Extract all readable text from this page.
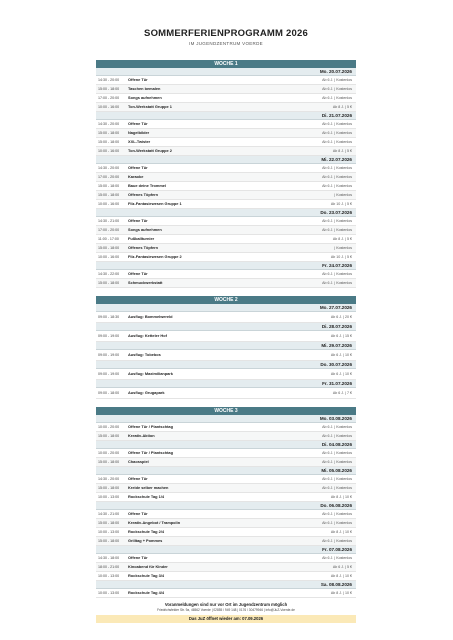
SOMMERFERIENPROGRAMM 2026
IM JUGENDZENTRUM VOERDE
WOCHE 1
Mo. 20.07.2026
14:30 - 20:00	Offene Tür	Ab 6 J. | Kostenlos
15:00 - 18:00	Taschen bemalen	Ab 6 J. | Kostenlos
17:00 - 20:00	Songs aufnehmen	Ab 6 J. | Kostenlos
10:00 - 16:00	Ton-Werkstatt Gruppe 1	Ab 8 J. | 5 €
Di. 21.07.2026
14:30 - 20:00	Offene Tür	Ab 6 J. | Kostenlos
15:00 - 18:00	Nagelbilder	Ab 6 J. | Kostenlos
15:00 - 18:00	XXL-Twister	Ab 6 J. | Kostenlos
10:00 - 16:00	Ton-Werkstatt Gruppe 2	Ab 8 J. | 5 €
Mi. 22.07.2026
14:30 - 20:00	Offene Tür	Ab 6 J. | Kostenlos
17:00 - 20:00	Karaoke	Ab 6 J. | Kostenlos
15:00 - 18:00	Baue deine Trommel	Ab 6 J. | Kostenlos
15:00 - 18:00	Offenes Töpfern	| Kostenlos
10:00 - 16:00	Filz-Fantasiewesen Gruppe 1	Ab 10 J. | 5 €
Do. 23.07.2026
14:30 - 21:00	Offene Tür	Ab 6 J. | Kostenlos
17:00 - 20:00	Songs aufnehmen	Ab 6 J. | Kostenlos
11:00 - 17:00	Fußballturnier	Ab 8 J. | 5 €
15:00 - 18:00	Offenes Töpfern	| Kostenlos
10:00 - 16:00	Filz-Fantasiewesen Gruppe 2	Ab 10 J. | 5 €
Fr. 24.07.2026
14:30 - 22:00	Offene Tür	Ab 6 J. | Kostenlos
15:00 - 18:00	Schmuckwerkstatt	Ab 6 J. | Kostenlos
WOCHE 2
Mo. 27.07.2026
09:00 - 18:30	Ausflug: Bommelwereld	Ab 6 J. | 20 €
Di. 28.07.2026
09:00 - 19:00	Ausflug: Ketteler Hof	Ab 6 J. | 15 €
Mi. 29.07.2026
09:00 - 19:00	Ausflug: Tobebos	Ab 6 J. | 10 €
Do. 30.07.2026
09:00 - 19:00	Ausflug: Maximilianpark	Ab 6 J. | 10 €
Fr. 31.07.2026
09:00 - 18:00	Ausflug: Grugapark	Ab 6 J. | 7 €
WOCHE 3
Mo. 03.08.2026
10:00 - 20:00	Offene Tür / Plantschtag	Ab 6 J. | Kostenlos
15:00 - 18:00	Kreativ-Aktion	Ab 6 J. | Kostenlos
Di. 04.08.2026
10:00 - 20:00	Offene Tür / Plantschtag	Ab 6 J. | Kostenlos
15:00 - 18:00	Chaosspiel	Ab 6 J. | Kostenlos
Mi. 05.08.2026
14:30 - 20:00	Offene Tür	Ab 6 J. | Kostenlos
15:00 - 18:00	Kreide selber machen	Ab 6 J. | Kostenlos
10:00 - 13:00	Rockschule Tag 1/4	Ab 8 J. | 10 €
Do. 06.08.2026
14:30 - 21:00	Offene Tür	Ab 6 J. | Kostenlos
15:00 - 18:00	Kreativ-Angebot / Trampolin	Ab 6 J. | Kostenlos
10:00 - 13:00	Rockschule Tag 2/4	Ab 8 J. | 10 €
15:00 - 18:00	Grilltag + Pommes	Ab 6 J. | Kostenlos
Fr. 07.08.2026
14:30 - 18:00	Offene Tür	Ab 6 J. | Kostenlos
18:00 - 21:00	Kinoabend für Kinder	Ab 6 J. | 5 €
10:00 - 13:00	Rockschule Tag 3/4	Ab 8 J. | 10 €
Sa. 08.08.2026
10:00 - 13:00	Rockschule Tag 4/4	Ab 8 J. | 10 €
Voranmeldungen sind nur vor Ort im Jugendzentrum möglich
Friedrichsfelder Str. 9a, 46562 Voerde | 02855 / 949 148 | 0176 / 30479946 | info@JuZ-Voerde.de
Das JuZ öffnet wieder am: 07.09.2026
